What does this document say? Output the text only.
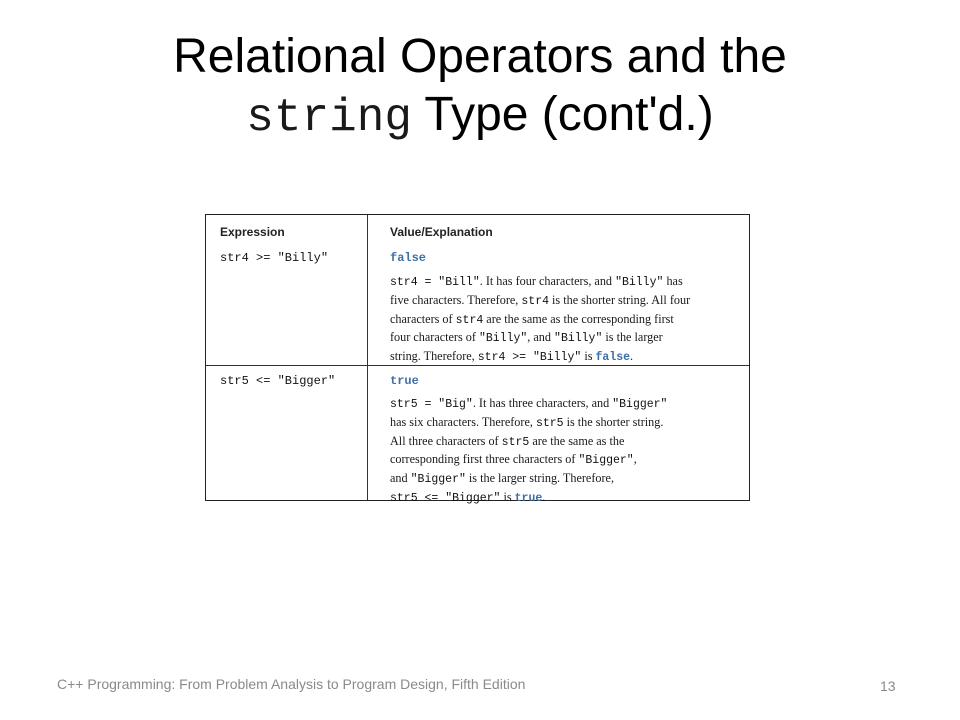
Relational Operators and the
string Type (cont'd.)
Expression	Value/Explanation
str4 >= "Billy"	false
str4 = "Bill". It has four characters, and "Billy" has
five characters. Therefore, str4 is the shorter string. All four
characters of str4 are the same as the corresponding first
four characters of "Billy", and "Billy" is the larger
string. Therefore, str4 >= "Billy" is false.
str5 <= "Bigger"	true
str5 = "Big". It has three characters, and "Bigger"
has six characters. Therefore, str5 is the shorter string.
All three characters of str5 are the same as the
corresponding first three characters of "Bigger",
and "Bigger" is the larger string. Therefore,
str5 <= "Bigger" is true.
C++ Programming: From Problem Analysis to Program Design, Fifth Edition	13
